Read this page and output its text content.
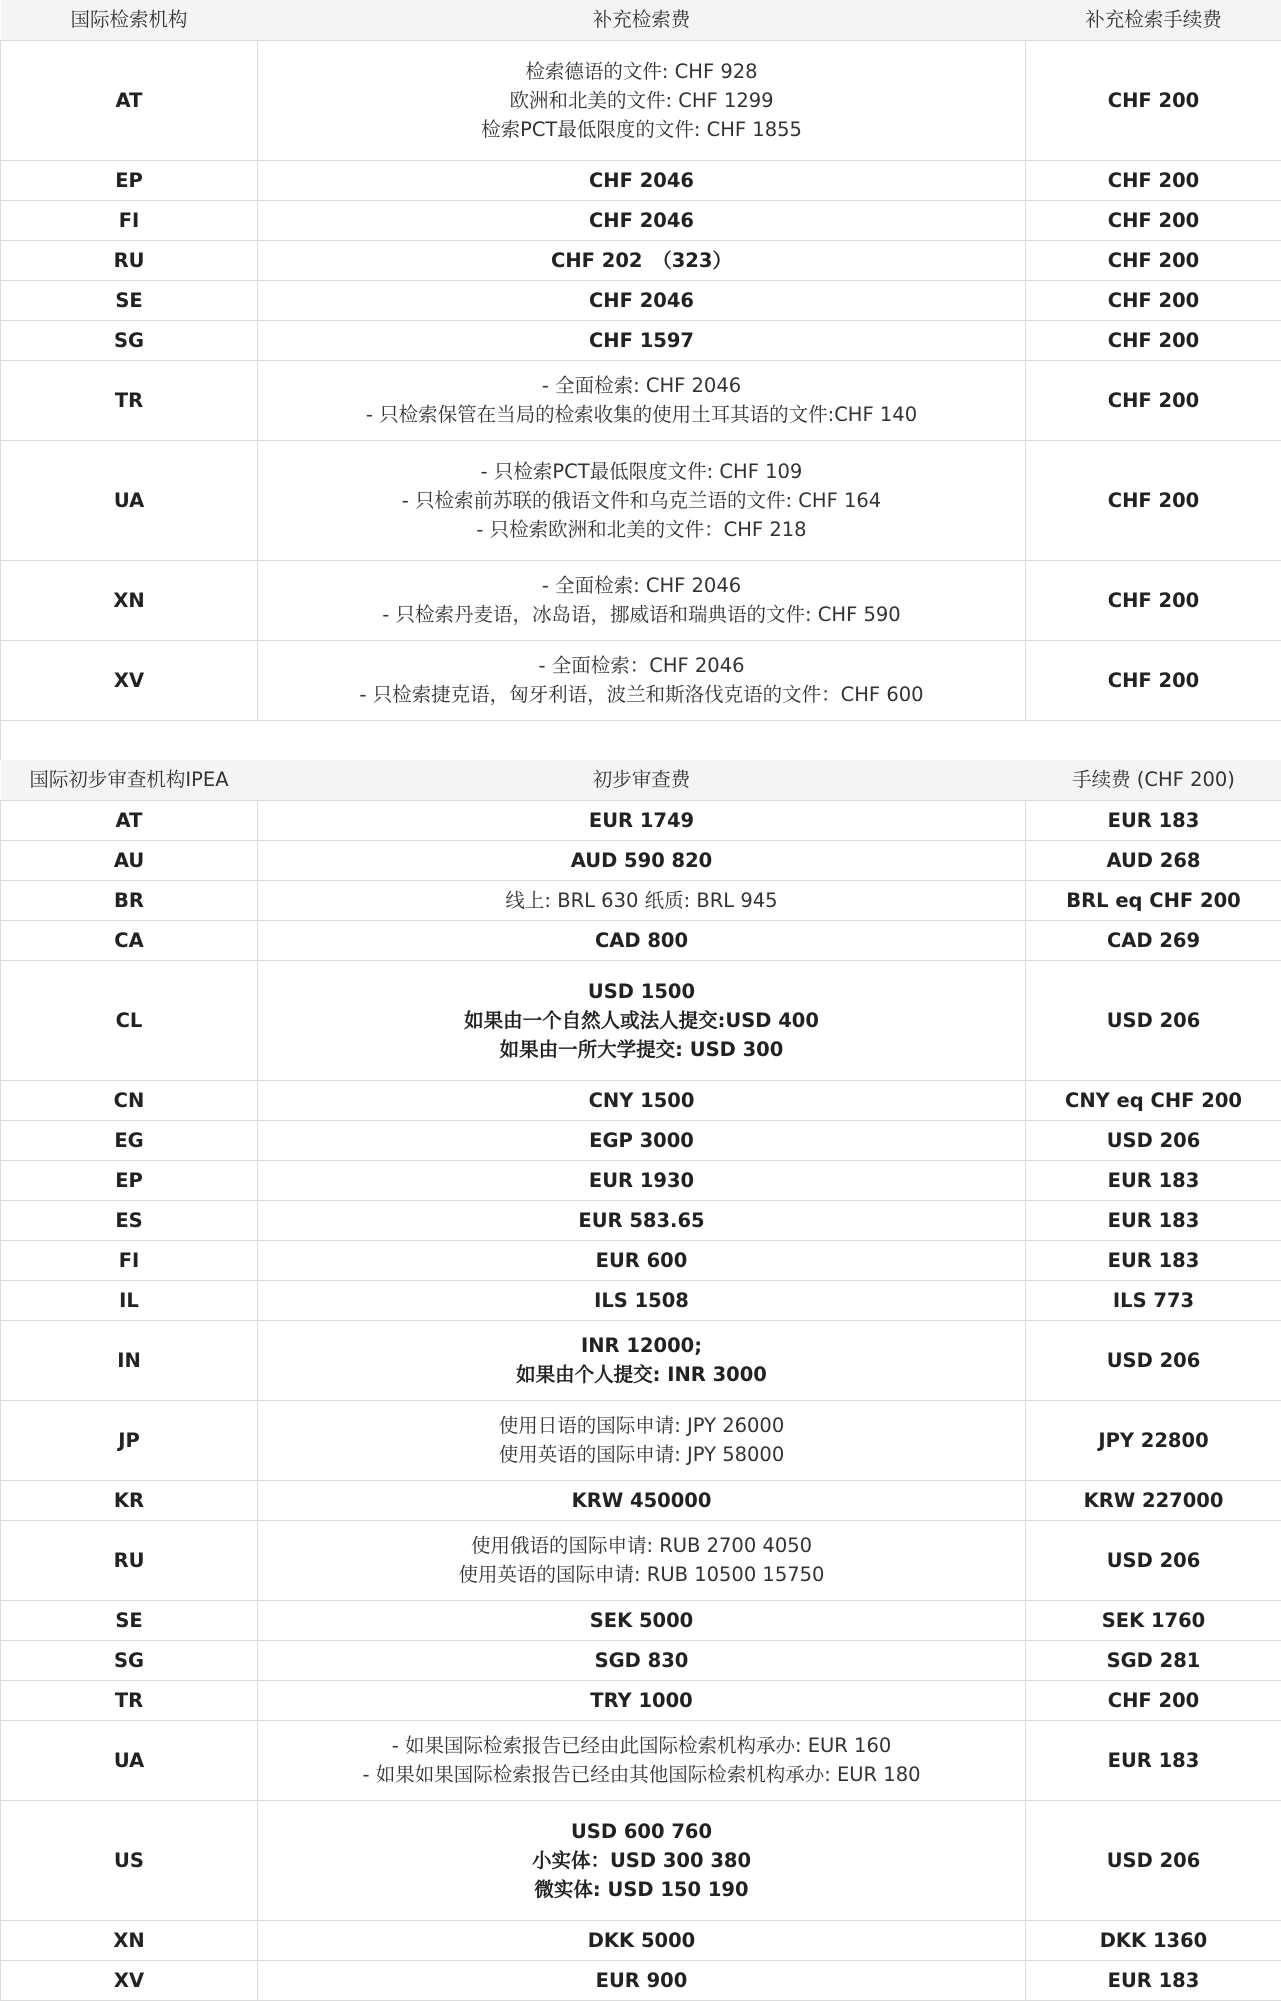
国际检索机构	补充检索费	补充检索手续费
AT	检索德语的文件: CHF 928
欧洲和北美的文件: CHF 1299
检索PCT最低限度的文件: CHF 1855	CHF 200
EP	CHF 2046	CHF 200
FI	CHF 2046	CHF 200
RU	CHF 202　（323）	CHF 200
SE	CHF 2046	CHF 200
SG	CHF 1597	CHF 200
TR	- 全面检索: CHF 2046
- 只检索保管在当局的检索收集的使用土耳其语的文件:CHF 140	CHF 200
UA	- 只检索PCT最低限度文件: CHF 109
- 只检索前苏联的俄语文件和乌克兰语的文件: CHF 164
- 只检索欧洲和北美的文件：CHF 218	CHF 200
XN	- 全面检索: CHF 2046
- 只检索丹麦语，冰岛语，挪威语和瑞典语的文件: CHF 590	CHF 200
XV	- 全面检索：CHF 2046
- 只检索捷克语，匈牙利语，波兰和斯洛伐克语的文件：CHF 600	CHF 200

国际初步审查机构IPEA	初步审查费	手续费 (CHF 200)
AT	EUR 1749	EUR 183
AU	AUD 590 820	AUD 268
BR	线上: BRL 630 纸质: BRL 945	BRL eq CHF 200
CA	CAD 800	CAD 269
CL	USD 1500
如果由一个自然人或法人提交:USD 400
如果由一所大学提交: USD 300	USD 206
CN	CNY 1500	CNY eq CHF 200
EG	EGP 3000	USD 206
EP	EUR 1930	EUR 183
ES	EUR 583.65	EUR 183
FI	EUR 600	EUR 183
IL	ILS 1508	ILS 773
IN	INR 12000;
如果由个人提交: INR 3000	USD 206
JP	使用日语的国际申请: JPY 26000
使用英语的国际申请: JPY 58000	JPY 22800
KR	KRW 450000	KRW 227000
RU	使用俄语的国际申请: RUB 2700 4050
使用英语的国际申请: RUB 10500 15750	USD 206
SE	SEK 5000	SEK 1760
SG	SGD 830	SGD 281
TR	TRY 1000	CHF 200
UA	- 如果国际检索报告已经由此国际检索机构承办: EUR 160
- 如果如果国际检索报告已经由其他国际检索机构承办: EUR 180	EUR 183
US	USD 600 760
小实体：USD 300 380
微实体: USD 150 190	USD 206
XN	DKK 5000	DKK 1360
XV	EUR 900	EUR 183
